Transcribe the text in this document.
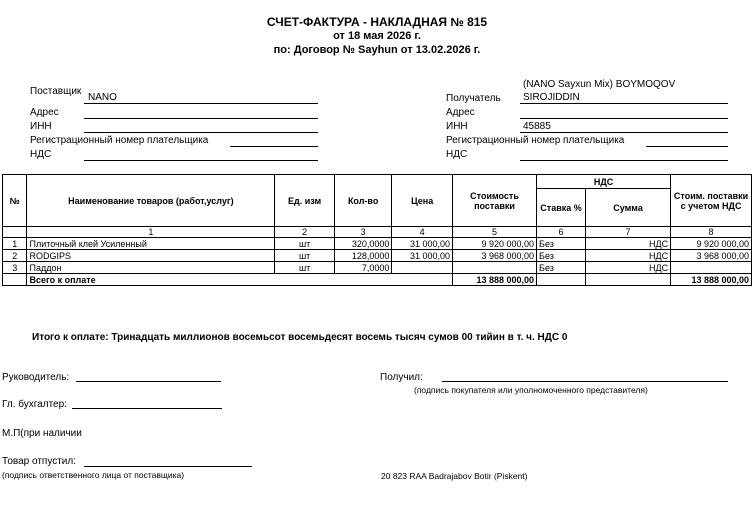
СЧЕТ-ФАКТУРА - НАКЛАДНАЯ № 815
от 18 мая 2026 г.
по: Договор № Sayhun от 13.02.2026 г.
Поставщик
NANO
Адрес
ИНН
Регистрационный номер плательщика
НДС
(NANO Sayxun Mix) BOYMOQOV
Получатель SIROJIDDIN
Адрес
ИНН	45885
Регистрационный номер плательщика
НДС
№	Наименование товаров (работ,услуг)	Ед. изм	Кол-во	Цена	Стоимость поставки	НДС		Стоим. поставки с учетом НДС
						Ставка %	Сумма	
	1	2	3	4	5	6	7	8
1	Плиточный клей Усиленный	шт	320,0000	31 000,00	9 920 000,00	Без	НДС	9 920 000,00
2	RODGIPS	шт	128,0000	31 000,00	3 968 000,00	Без	НДС	3 968 000,00
3	Паддон	шт	7,0000			Без	НДС	
	Всего к оплате				13 888 000,00			13 888 000,00
Итого к оплате: Тринадцать миллионов восемьсот восемьдесят восемь тысяч сумов 00 тийин в т. ч. НДС 0
Руководитель:
Гл. бухгалтер:
М.П(при наличии
Товар отпустил:
(подпись ответственного лица от поставщика)
Получил:
(подпись покупателя или уполномоченного представителя)
20 823 RAA Badrajabov Botir (Piskent)
